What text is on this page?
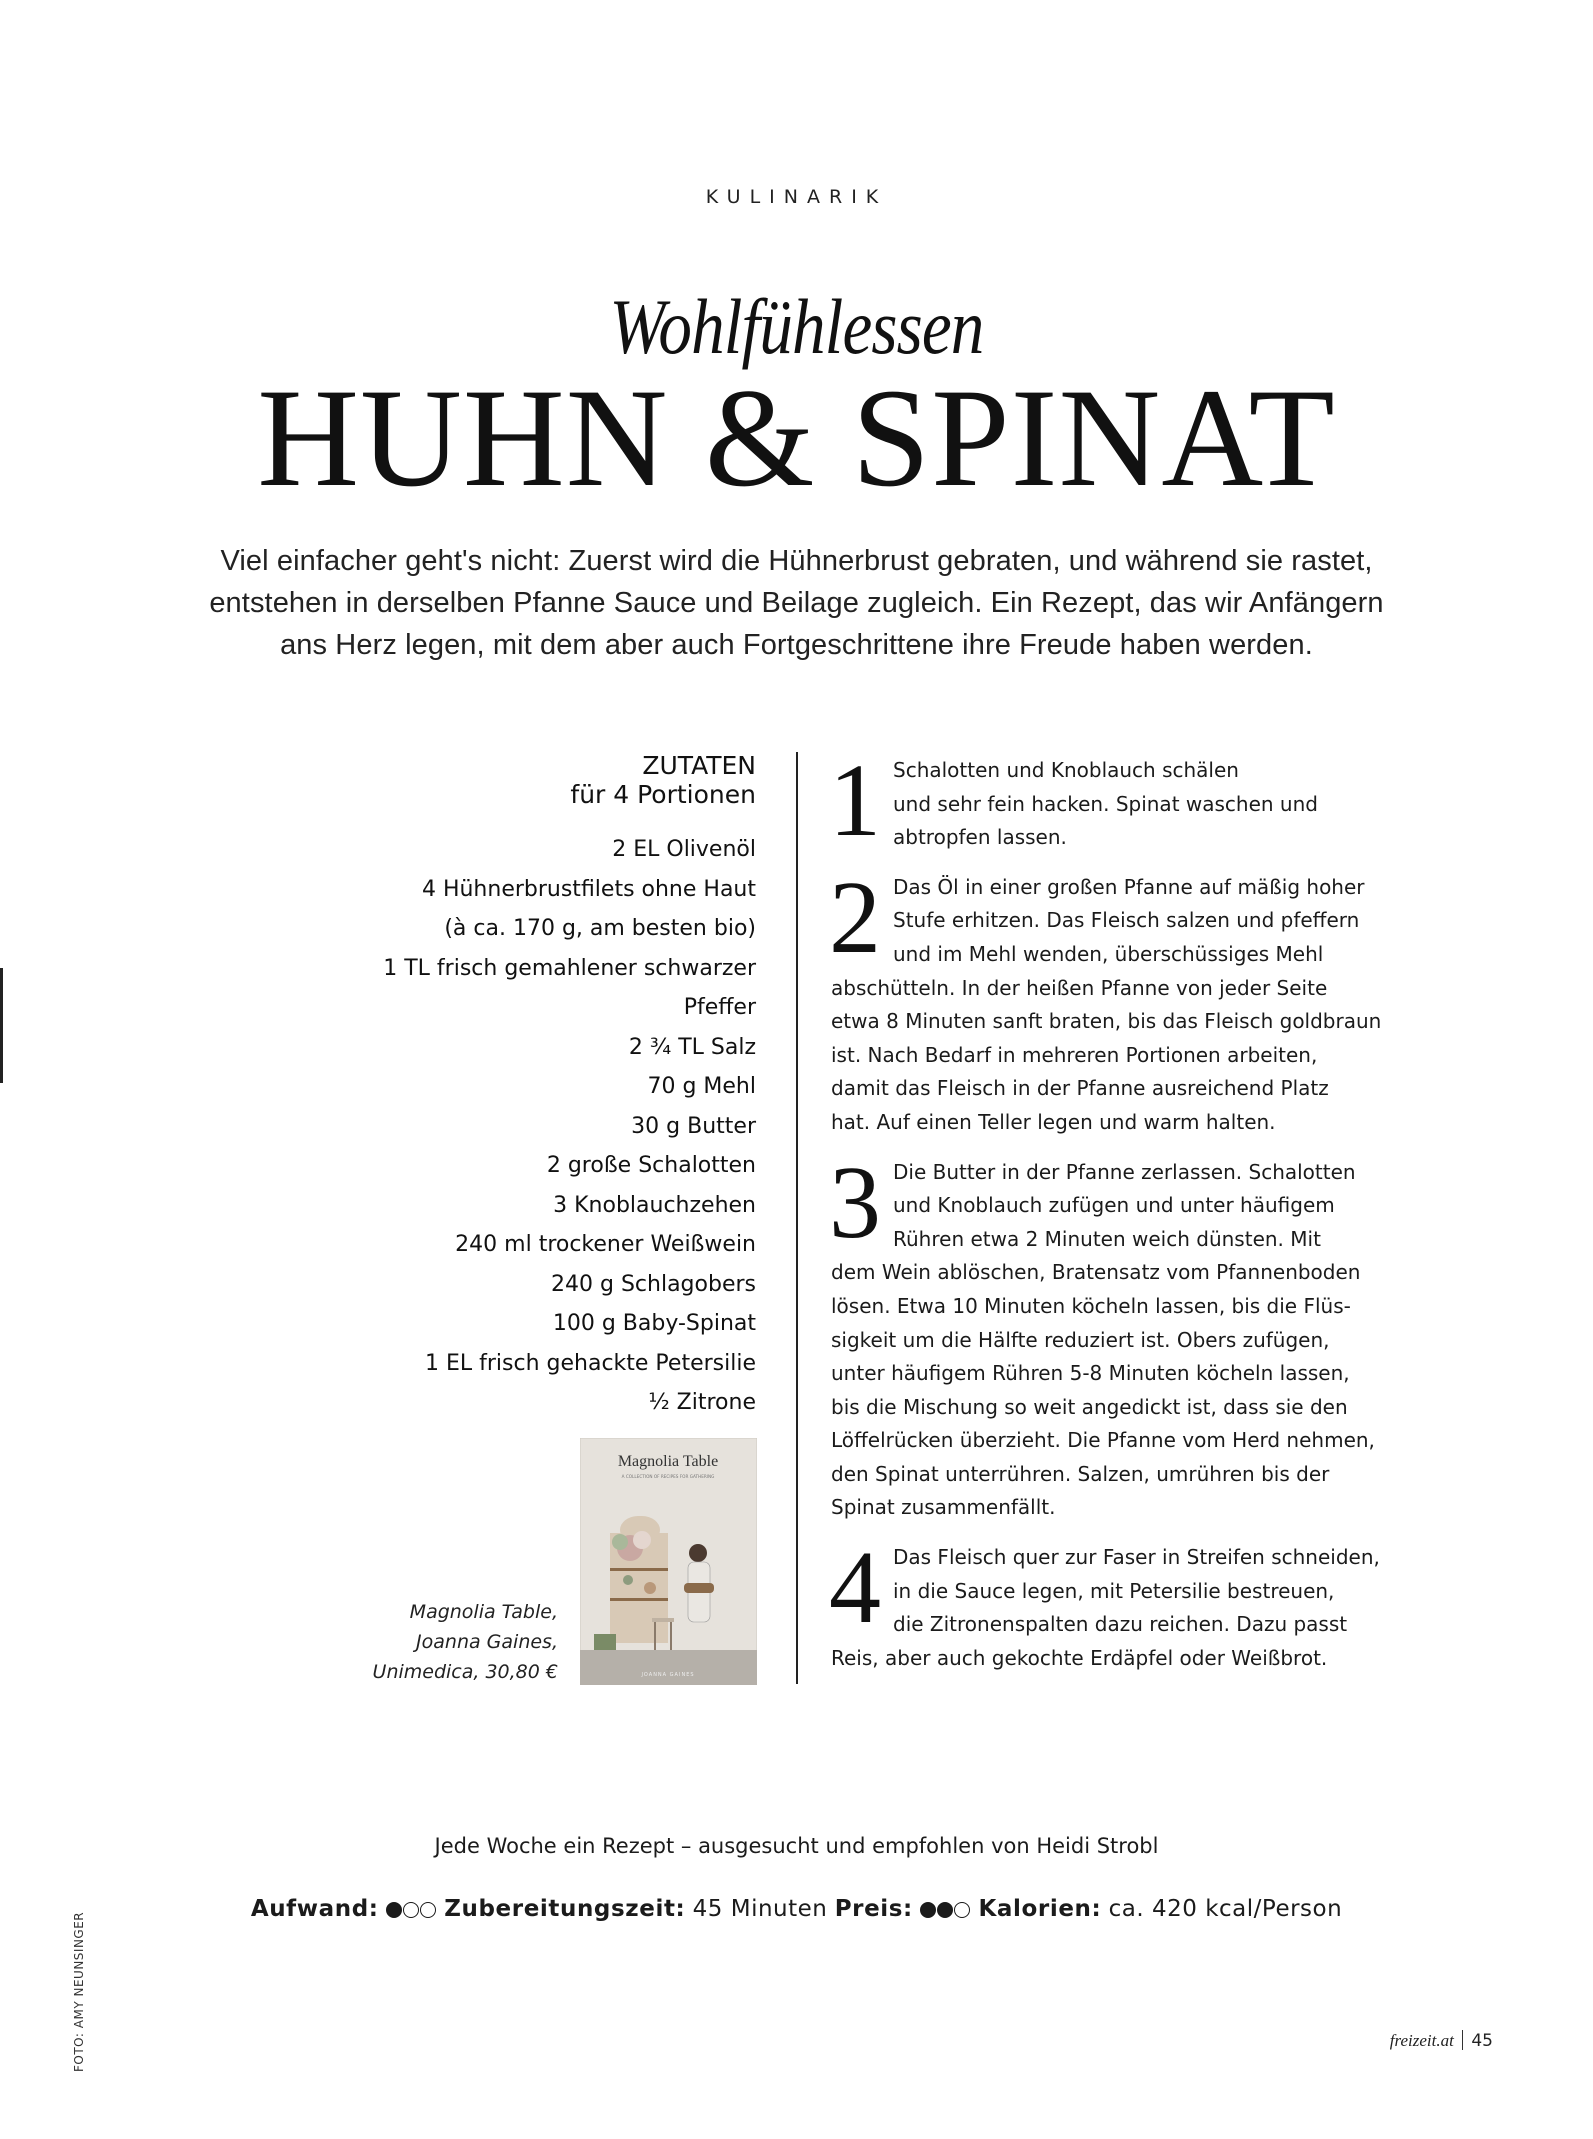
KULINARIK
Wohlfühlessen
HUHN & SPINAT
Viel einfacher geht's nicht: Zuerst wird die Hühnerbrust gebraten, und während sie rastet,
entstehen in derselben Pfanne Sauce und Beilage zugleich. Ein Rezept, das wir Anfängern
ans Herz legen, mit dem aber auch Fortgeschrittene ihre Freude haben werden.
ZUTATEN
für 4 Portionen
2 EL Olivenöl
4 Hühnerbrustfilets ohne Haut
(à ca. 170 g, am besten bio)
1 TL frisch gemahlener schwarzer
Pfeffer
2 ¾ TL Salz
70 g Mehl
30 g Butter
2 große Schalotten
3 Knoblauchzehen
240 ml trockener Weißwein
240 g Schlagobers
100 g Baby-Spinat
1 EL frisch gehackte Petersilie
½ Zitrone
Magnolia Table
A COLLECTION OF RECIPES FOR GATHERING
JOANNA GAINES
Magnolia Table,
Joanna Gaines,
Unimedica, 30,80 €
1 Schalotten und Knoblauch schälen
und sehr fein hacken. Spinat waschen und
abtropfen lassen.
2 Das Öl in einer großen Pfanne auf mäßig hoher
Stufe erhitzen. Das Fleisch salzen und pfeffern
und im Mehl wenden, überschüssiges Mehl
abschütteln. In der heißen Pfanne von jeder Seite
etwa 8 Minuten sanft braten, bis das Fleisch goldbraun
ist. Nach Bedarf in mehreren Portionen arbeiten,
damit das Fleisch in der Pfanne ausreichend Platz
hat. Auf einen Teller legen und warm halten.
3 Die Butter in der Pfanne zerlassen. Schalotten
und Knoblauch zufügen und unter häufigem
Rühren etwa 2 Minuten weich dünsten. Mit
dem Wein ablöschen, Bratensatz vom Pfannenboden
lösen. Etwa 10 Minuten köcheln lassen, bis die Flüs-
sigkeit um die Hälfte reduziert ist. Obers zufügen,
unter häufigem Rühren 5-8 Minuten köcheln lassen,
bis die Mischung so weit angedickt ist, dass sie den
Löffelrücken überzieht. Die Pfanne vom Herd nehmen,
den Spinat unterrühren. Salzen, umrühren bis der
Spinat zusammenfällt.
4 Das Fleisch quer zur Faser in Streifen schneiden,
in die Sauce legen, mit Petersilie bestreuen,
die Zitronenspalten dazu reichen. Dazu passt
Reis, aber auch gekochte Erdäpfel oder Weißbrot.
Jede Woche ein Rezept – ausgesucht und empfohlen von Heidi Strobl
Aufwand:	Zubereitungszeit: 45 Minuten Preis:	Kalorien: ca. 420 kcal/Person
FOTO: AMY NEUNSINGER	freizeit.at 45
